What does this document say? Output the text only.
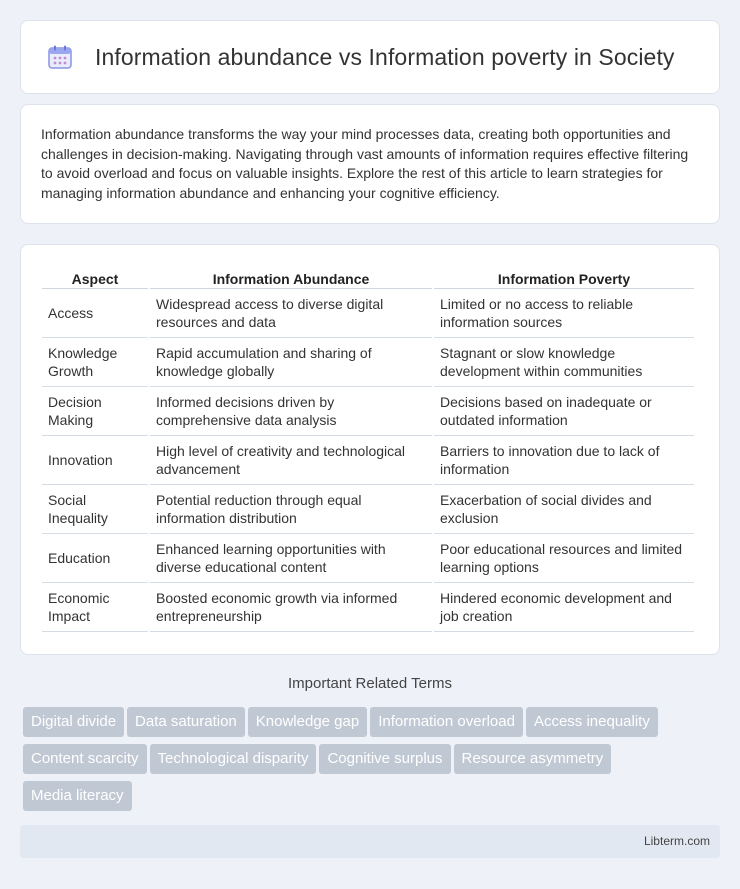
Information abundance vs Information poverty in Society

Information abundance transforms the way your mind processes data, creating both opportunities and challenges in decision-making. Navigating through vast amounts of information requires effective filtering to avoid overload and focus on valuable insights. Explore the rest of this article to learn strategies for managing information abundance and enhancing your cognitive efficiency.

Aspect	Information Abundance	Information Poverty
Access	Widespread access to diverse digital resources and data	Limited or no access to reliable information sources
Knowledge Growth	Rapid accumulation and sharing of knowledge globally	Stagnant or slow knowledge development within communities
Decision Making	Informed decisions driven by comprehensive data analysis	Decisions based on inadequate or outdated information
Innovation	High level of creativity and technological advancement	Barriers to innovation due to lack of information
Social Inequality	Potential reduction through equal information distribution	Exacerbation of social divides and exclusion
Education	Enhanced learning opportunities with diverse educational content	Poor educational resources and limited learning options
Economic Impact	Boosted economic growth via informed entrepreneurship	Hindered economic development and job creation
Important Related Terms
Digital divide	Data saturation	Knowledge gap	Information overload	Access inequality
Content scarcity	Technological disparity	Cognitive surplus	Resource asymmetry
Media literacy
Libterm.com
